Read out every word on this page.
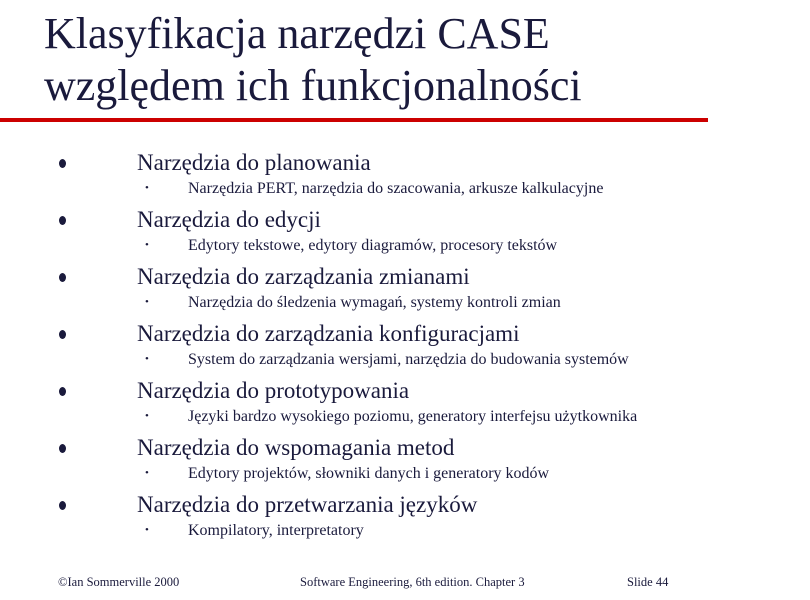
Klasyfikacja narzędzi CASE
względem ich funkcjonalności
Narzędzia do planowania
• Narzędzia PERT, narzędzia do szacowania, arkusze kalkulacyjne
Narzędzia do edycji
• Edytory tekstowe, edytory diagramów, procesory tekstów
Narzędzia do zarządzania zmianami
• Narzędzia do śledzenia wymagań, systemy kontroli zmian
Narzędzia do zarządzania konfiguracjami
• System do zarządzania wersjami, narzędzia do budowania systemów
Narzędzia do prototypowania
• Języki bardzo wysokiego poziomu, generatory interfejsu użytkownika
Narzędzia do wspomagania metod
• Edytory projektów, słowniki danych i generatory kodów
Narzędzia do przetwarzania języków
• Kompilatory, interpretatory
©Ian Sommerville 2000	Software Engineering, 6th edition. Chapter 3	Slide 44
